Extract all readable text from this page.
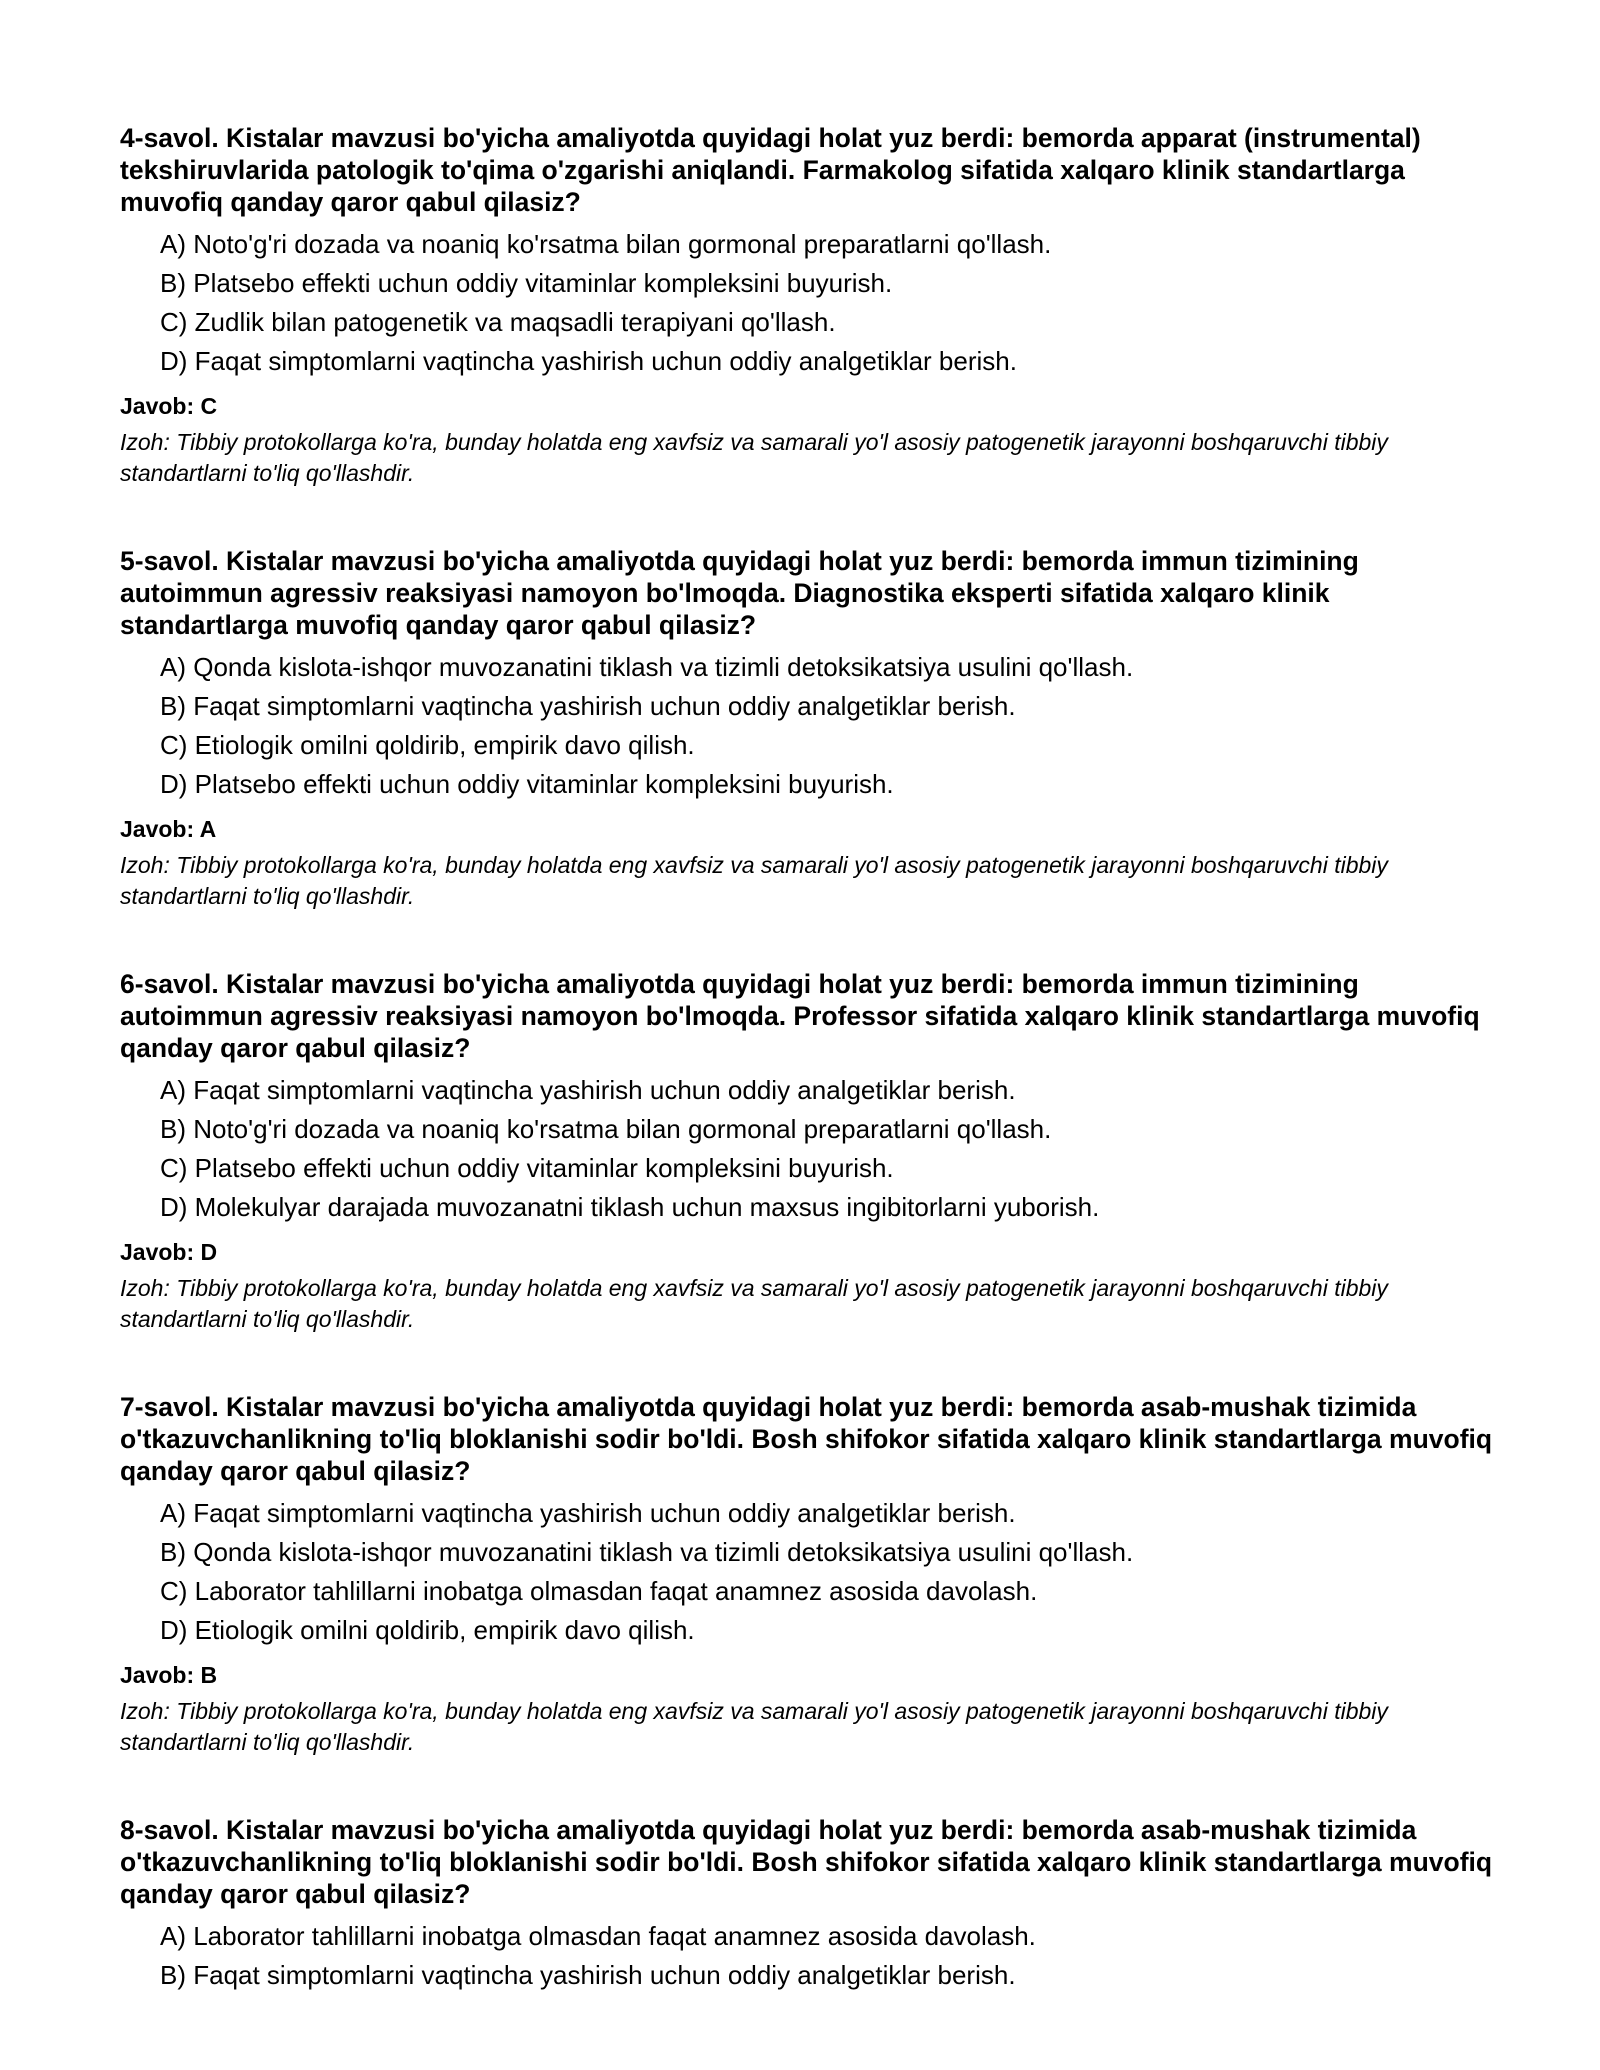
4-savol. Kistalar mavzusi bo'yicha amaliyotda quyidagi holat yuz berdi: bemorda apparat (instrumental) tekshiruvlarida patologik to'qima o'zgarishi aniqlandi. Farmakolog sifatida xalqaro klinik standartlarga muvofiq qanday qaror qabul qilasiz?

A) Noto'g'ri dozada va noaniq ko'rsatma bilan gormonal preparatlarni qo'llash.
B) Platsebo effekti uchun oddiy vitaminlar kompleksini buyurish.
C) Zudlik bilan patogenetik va maqsadli terapiyani qo'llash.
D) Faqat simptomlarni vaqtincha yashirish uchun oddiy analgetiklar berish.

Javob: C

Izoh: Tibbiy protokollarga ko'ra, bunday holatda eng xavfsiz va samarali yo'l asosiy patogenetik jarayonni boshqaruvchi tibbiy standartlarni to'liq qo'llashdir.

5-savol. Kistalar mavzusi bo'yicha amaliyotda quyidagi holat yuz berdi: bemorda immun tizimining autoimmun agressiv reaksiyasi namoyon bo'lmoqda. Diagnostika eksperti sifatida xalqaro klinik standartlarga muvofiq qanday qaror qabul qilasiz?

A) Qonda kislota-ishqor muvozanatini tiklash va tizimli detoksikatsiya usulini qo'llash.
B) Faqat simptomlarni vaqtincha yashirish uchun oddiy analgetiklar berish.
C) Etiologik omilni qoldirib, empirik davo qilish.
D) Platsebo effekti uchun oddiy vitaminlar kompleksini buyurish.

Javob: A

Izoh: Tibbiy protokollarga ko'ra, bunday holatda eng xavfsiz va samarali yo'l asosiy patogenetik jarayonni boshqaruvchi tibbiy standartlarni to'liq qo'llashdir.

6-savol. Kistalar mavzusi bo'yicha amaliyotda quyidagi holat yuz berdi: bemorda immun tizimining autoimmun agressiv reaksiyasi namoyon bo'lmoqda. Professor sifatida xalqaro klinik standartlarga muvofiq qanday qaror qabul qilasiz?

A) Faqat simptomlarni vaqtincha yashirish uchun oddiy analgetiklar berish.
B) Noto'g'ri dozada va noaniq ko'rsatma bilan gormonal preparatlarni qo'llash.
C) Platsebo effekti uchun oddiy vitaminlar kompleksini buyurish.
D) Molekulyar darajada muvozanatni tiklash uchun maxsus ingibitorlarni yuborish.

Javob: D

Izoh: Tibbiy protokollarga ko'ra, bunday holatda eng xavfsiz va samarali yo'l asosiy patogenetik jarayonni boshqaruvchi tibbiy standartlarni to'liq qo'llashdir.

7-savol. Kistalar mavzusi bo'yicha amaliyotda quyidagi holat yuz berdi: bemorda asab-mushak tizimida o'tkazuvchanlikning to'liq bloklanishi sodir bo'ldi. Bosh shifokor sifatida xalqaro klinik standartlarga muvofiq qanday qaror qabul qilasiz?

A) Faqat simptomlarni vaqtincha yashirish uchun oddiy analgetiklar berish.
B) Qonda kislota-ishqor muvozanatini tiklash va tizimli detoksikatsiya usulini qo'llash.
C) Laborator tahlillarni inobatga olmasdan faqat anamnez asosida davolash.
D) Etiologik omilni qoldirib, empirik davo qilish.

Javob: B

Izoh: Tibbiy protokollarga ko'ra, bunday holatda eng xavfsiz va samarali yo'l asosiy patogenetik jarayonni boshqaruvchi tibbiy standartlarni to'liq qo'llashdir.

8-savol. Kistalar mavzusi bo'yicha amaliyotda quyidagi holat yuz berdi: bemorda asab-mushak tizimida o'tkazuvchanlikning to'liq bloklanishi sodir bo'ldi. Bosh shifokor sifatida xalqaro klinik standartlarga muvofiq qanday qaror qabul qilasiz?

A) Laborator tahlillarni inobatga olmasdan faqat anamnez asosida davolash.
B) Faqat simptomlarni vaqtincha yashirish uchun oddiy analgetiklar berish.
